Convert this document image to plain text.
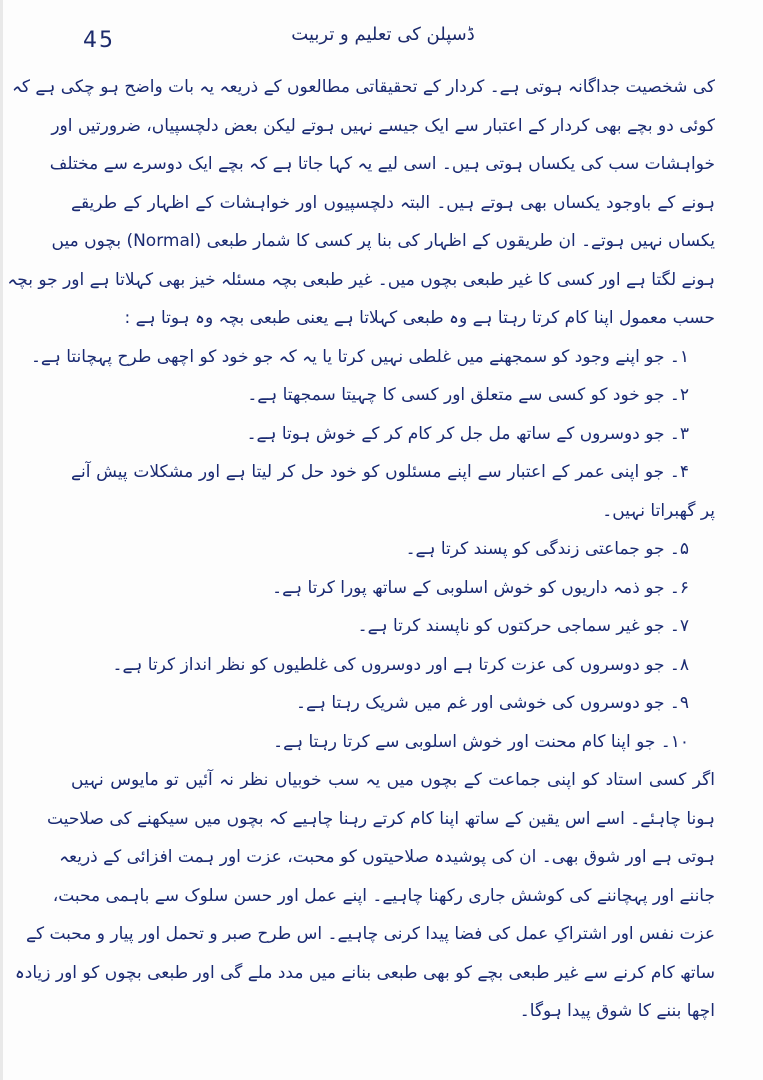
45	ڈسپلن کی تعلیم و تربیت
کی شخصیت جداگانہ ہوتی ہے۔ کردار کے تحقیقاتی مطالعوں کے ذریعہ یہ بات واضح ہو چکی ہے کہ
کوئی دو بچے بھی کردار کے اعتبار سے ایک جیسے نہیں ہوتے لیکن بعض دلچسپیاں، ضرورتیں اور
خواہشات سب کی یکساں ہوتی ہیں۔ اسی لیے یہ کہا جاتا ہے کہ بچے ایک دوسرے سے مختلف
ہونے کے باوجود یکساں بھی ہوتے ہیں۔ البتہ دلچسپیوں اور خواہشات کے اظہار کے طریقے
یکساں نہیں ہوتے۔ ان طریقوں کے اظہار کی بنا پر کسی کا شمار طبعی (Normal) بچوں میں
ہونے لگتا ہے اور کسی کا غیر طبعی بچوں میں۔ غیر طبعی بچہ مسئلہ خیز بھی کہلاتا ہے اور جو بچہ
حسب معمول اپنا کام کرتا رہتا ہے وہ طبعی کہلاتا ہے یعنی طبعی بچہ وہ ہوتا ہے :
۱۔ جو اپنے وجود کو سمجھنے میں غلطی نہیں کرتا یا یہ کہ جو خود کو اچھی طرح پہچانتا ہے۔
۲۔ جو خود کو کسی سے متعلق اور کسی کا چہیتا سمجھتا ہے۔
۳۔ جو دوسروں کے ساتھ مل جل کر کام کر کے خوش ہوتا ہے۔
۴۔ جو اپنی عمر کے اعتبار سے اپنے مسئلوں کو خود حل کر لیتا ہے اور مشکلات پیش آنے
پر گھبراتا نہیں۔
۵۔ جو جماعتی زندگی کو پسند کرتا ہے۔
۶۔ جو ذمہ داریوں کو خوش اسلوبی کے ساتھ پورا کرتا ہے۔
۷۔ جو غیر سماجی حرکتوں کو ناپسند کرتا ہے۔
۸۔ جو دوسروں کی عزت کرتا ہے اور دوسروں کی غلطیوں کو نظر انداز کرتا ہے۔
۹۔ جو دوسروں کی خوشی اور غم میں شریک رہتا ہے۔
۱۰۔ جو اپنا کام محنت اور خوش اسلوبی سے کرتا رہتا ہے۔
اگر کسی استاد کو اپنی جماعت کے بچوں میں یہ سب خوبیاں نظر نہ آئیں تو مایوس نہیں
ہونا چاہئے۔ اسے اس یقین کے ساتھ اپنا کام کرتے رہنا چاہیے کہ بچوں میں سیکھنے کی صلاحیت
ہوتی ہے اور شوق بھی۔ ان کی پوشیدہ صلاحیتوں کو محبت، عزت اور ہمت افزائی کے ذریعہ
جاننے اور پہچاننے کی کوشش جاری رکھنا چاہیے۔ اپنے عمل اور حسن سلوک سے باہمی محبت،
عزت نفس اور اشتراکِ عمل کی فضا پیدا کرنی چاہیے۔ اس طرح صبر و تحمل اور پیار و محبت کے
ساتھ کام کرنے سے غیر طبعی بچے کو بھی طبعی بنانے میں مدد ملے گی اور طبعی بچوں کو اور زیادہ
اچھا بننے کا شوق پیدا ہوگا۔
